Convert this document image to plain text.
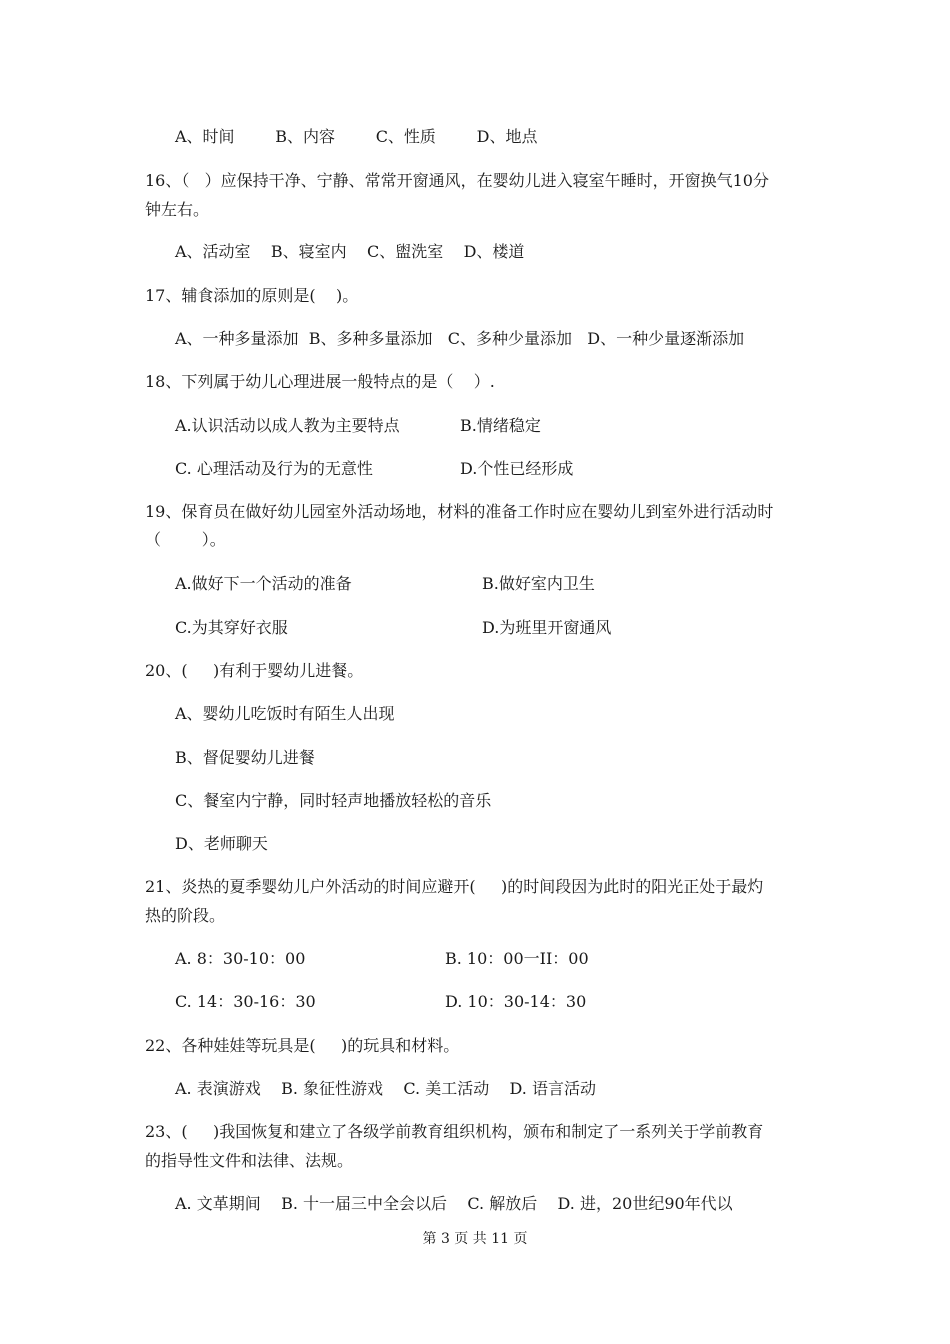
A、时间        B、内容        C、性质        D、地点
16、（   ）应保持干净、宁静、常常开窗通风，在婴幼儿进入寝室午睡时，开窗换气10分
钟左右。
A、活动室    B、寝室内    C、盥洗室    D、楼道
17、辅食添加的原则是(    )。
A、一种多量添加  B、多种多量添加   C、多种少量添加   D、一种少量逐渐添加
18、下列属于幼儿心理进展一般特点的是（    ）.
A.认识活动以成人教为主要特点	B.情绪稳定
C. 心理活动及行为的无意性	D.个性已经形成
19、保育员在做好幼儿园室外活动场地，材料的准备工作时应在婴幼儿到室外进行活动时
（        ）。
A.做好下一个活动的准备	B.做好室内卫生
C.为其穿好衣服	D.为班里开窗通风
20、(     )有利于婴幼儿进餐。
A、婴幼儿吃饭时有陌生人出现
B、督促婴幼儿进餐
C、餐室内宁静，同时轻声地播放轻松的音乐
D、老师聊天
21、炎热的夏季婴幼儿户外活动的时间应避开(     )的时间段因为此时的阳光正处于最灼
热的阶段。
A. 8：30-10：00	B. 10：00一II：00
C. 14：30-16：30	D. 10：30-14：30
22、各种娃娃等玩具是(     )的玩具和材料。
A. 表演游戏    B. 象征性游戏    C. 美工活动    D. 语言活动
23、(     )我国恢复和建立了各级学前教育组织机构，颁布和制定了一系列关于学前教育
的指导性文件和法律、法规。
A. 文革期间    B. 十一届三中全会以后    C. 解放后    D. 进，20世纪90年代以
第 3 页 共 11 页
